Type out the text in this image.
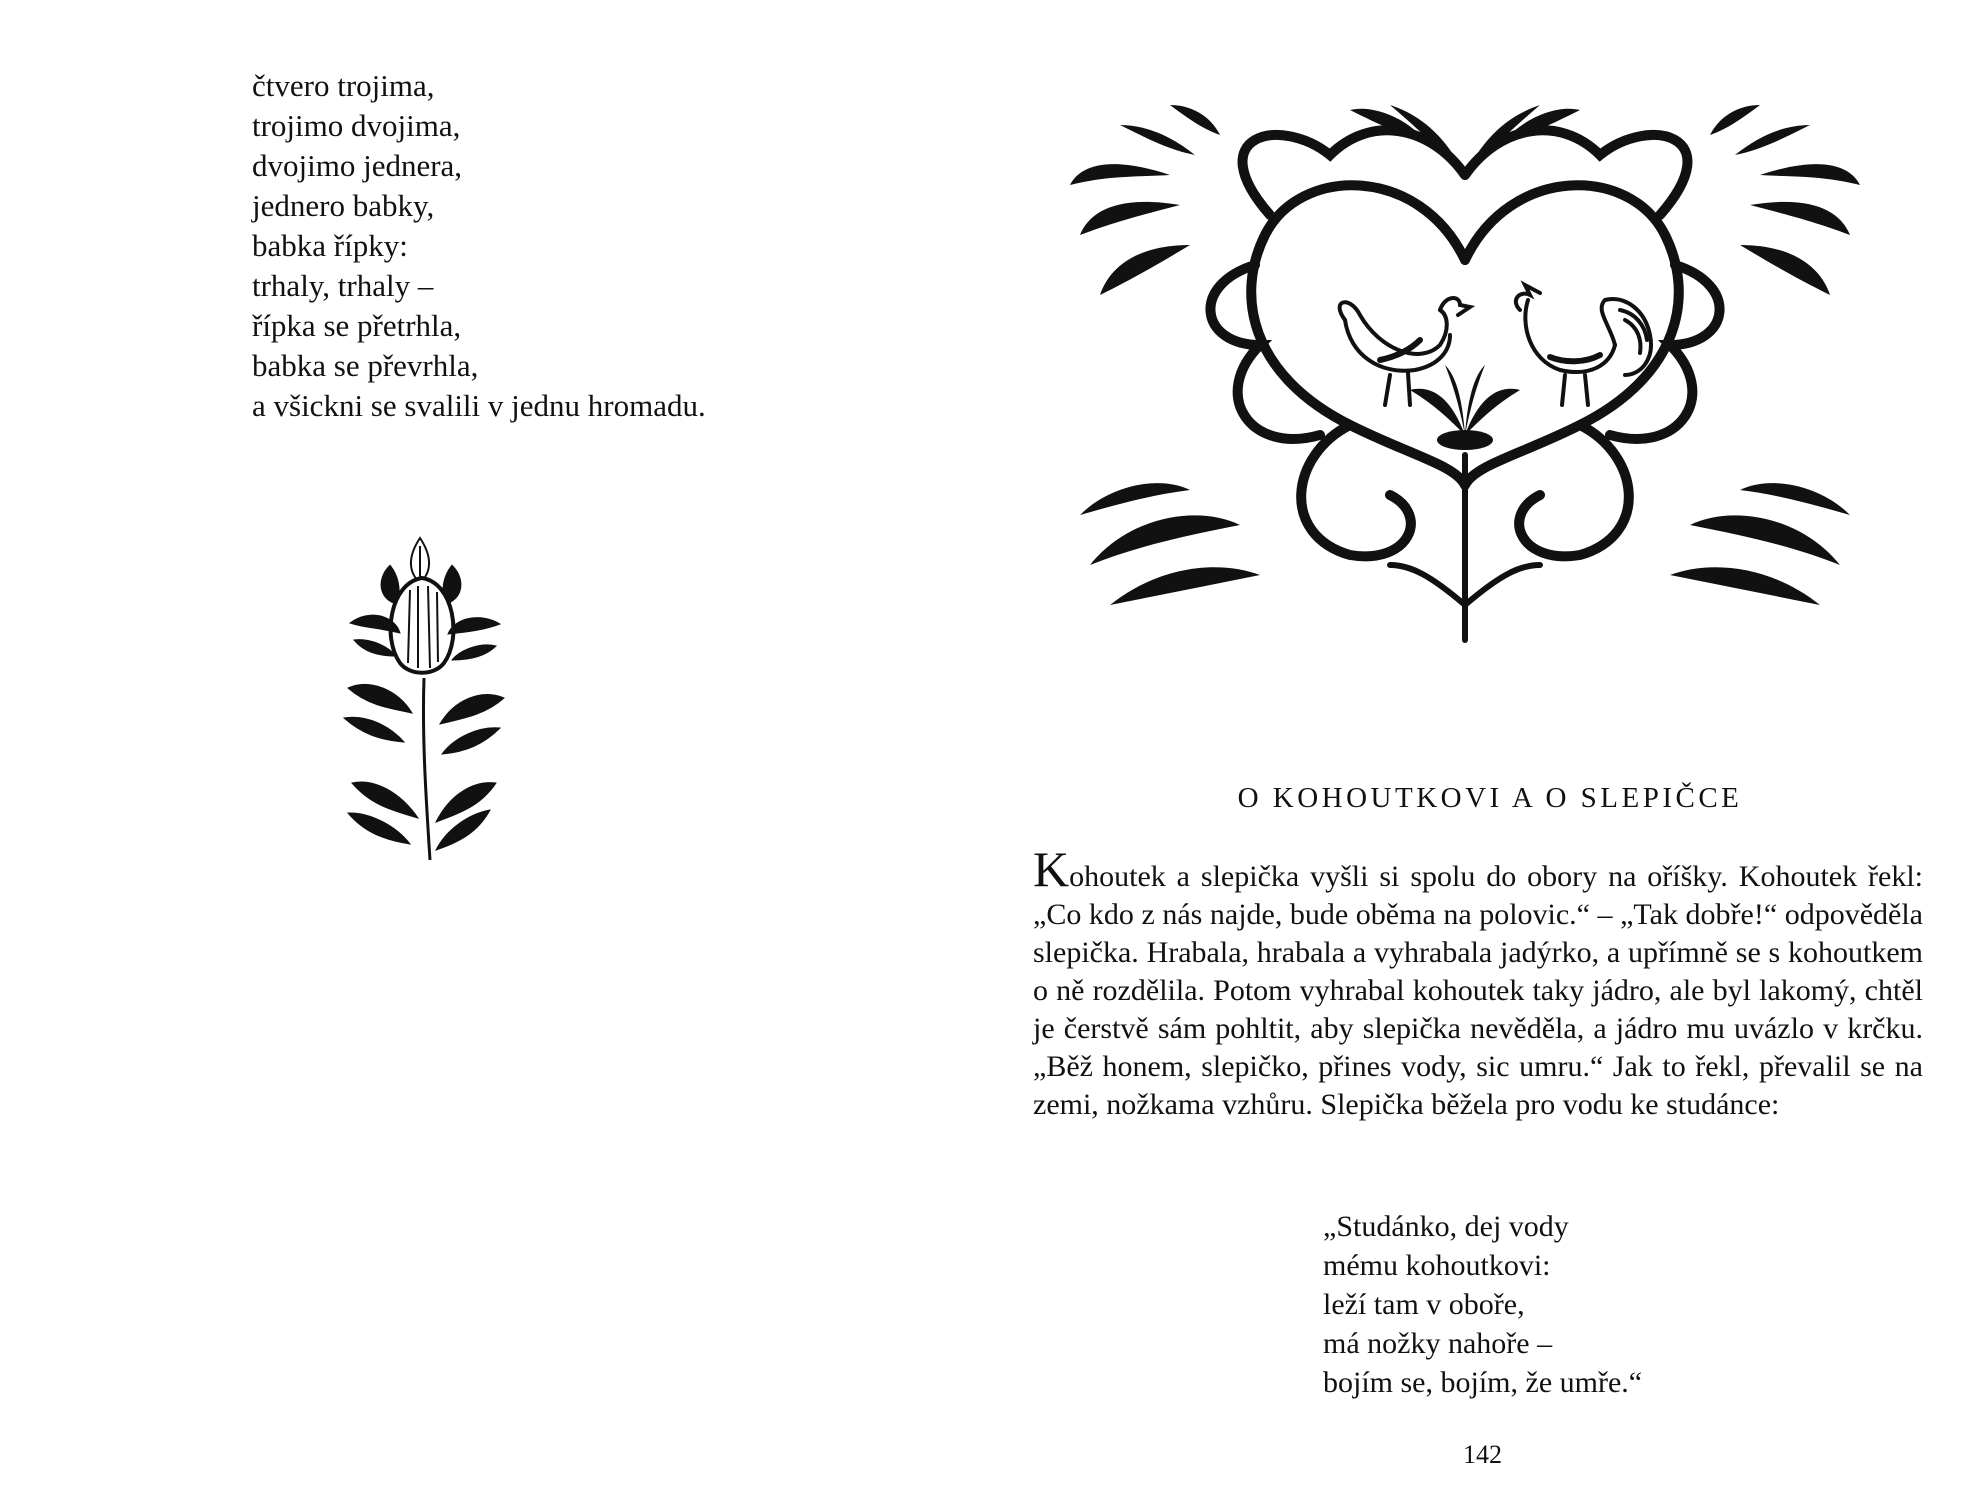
čtvero trojima,
trojimo dvojima,
dvojimo jednera,
jednero babky,
babka řípky:
trhaly, trhaly –
řípka se přetrhla,
babka se převrhla,
a všickni se svalili v jednu hromadu.
O KOHOUTKOVI A O SLEPIČCE

Kohoutek a slepička vyšli si spolu do obory na oříšky. Kohoutek řekl: „Co kdo z nás najde, bude oběma na polovic.“ – „Tak dobře!“ odpověděla slepička. Hrabala, hrabala a vyhrabala jadýrko, a upřímně se s kohoutkem o ně rozdělila. Potom vyhrabal kohoutek taky jádro, ale byl lakomý, chtěl je čerstvě sám pohltit, aby slepička nevěděla, a jádro mu uvázlo v krčku. „Běž honem, slepičko, přines vody, sic umru.“ Jak to řekl, převalil se na zemi, nožkama vzhůru. Slepička běžela pro vodu ke studánce:

„Studánko, dej vody
mému kohoutkovi:
leží tam v oboře,
má nožky nahoře –
bojím se, bojím, že umře.“
142
